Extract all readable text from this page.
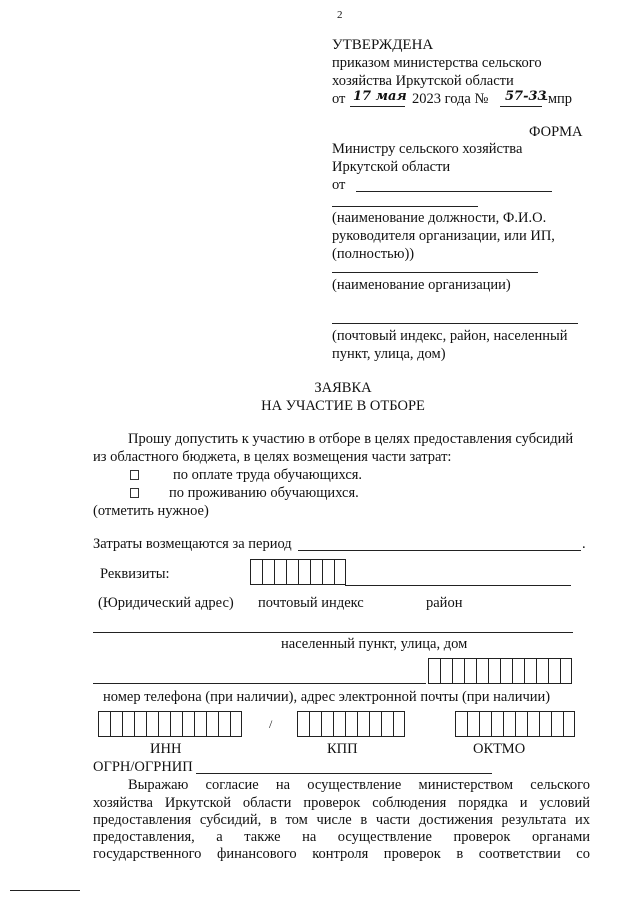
2
УТВЕРЖДЕНА
приказом министерства сельского
хозяйства Иркутской области
от 17 мая 2023 года № 57-33
-мпр
ФОРМА
Министру сельского хозяйства
Иркутской области
от
(наименование должности, Ф.И.О.
руководителя организации, или ИП,
(полностью))
(наименование организации)
(почтовый индекс, район, населенный
пункт, улица, дом)
ЗАЯВКА
НА УЧАСТИЕ В ОТБОРЕ
Прошу допустить к участию в отборе в целях предоставления субсидий
из областного бюджета, в целях возмещения части затрат:
по оплате труда обучающихся.
по проживанию обучающихся.
(отметить нужное)
Затраты возмещаются за период	.
Реквизиты:
(Юридический адрес) почтовый индекс	район
населенный пункт, улица, дом
номер телефона (при наличии), адрес электронной почты (при наличии)
/
ИНН	КПП	ОКТМО
ОГРН/ОГРНИП
Выражаю согласие на осуществление министерством сельского
хозяйства Иркутской области проверок соблюдения порядка и условий
предоставления субсидий, в том числе в части достижения результата их
предоставления, а также на осуществление проверок органами
государственного финансового контроля проверок в соответствии со
